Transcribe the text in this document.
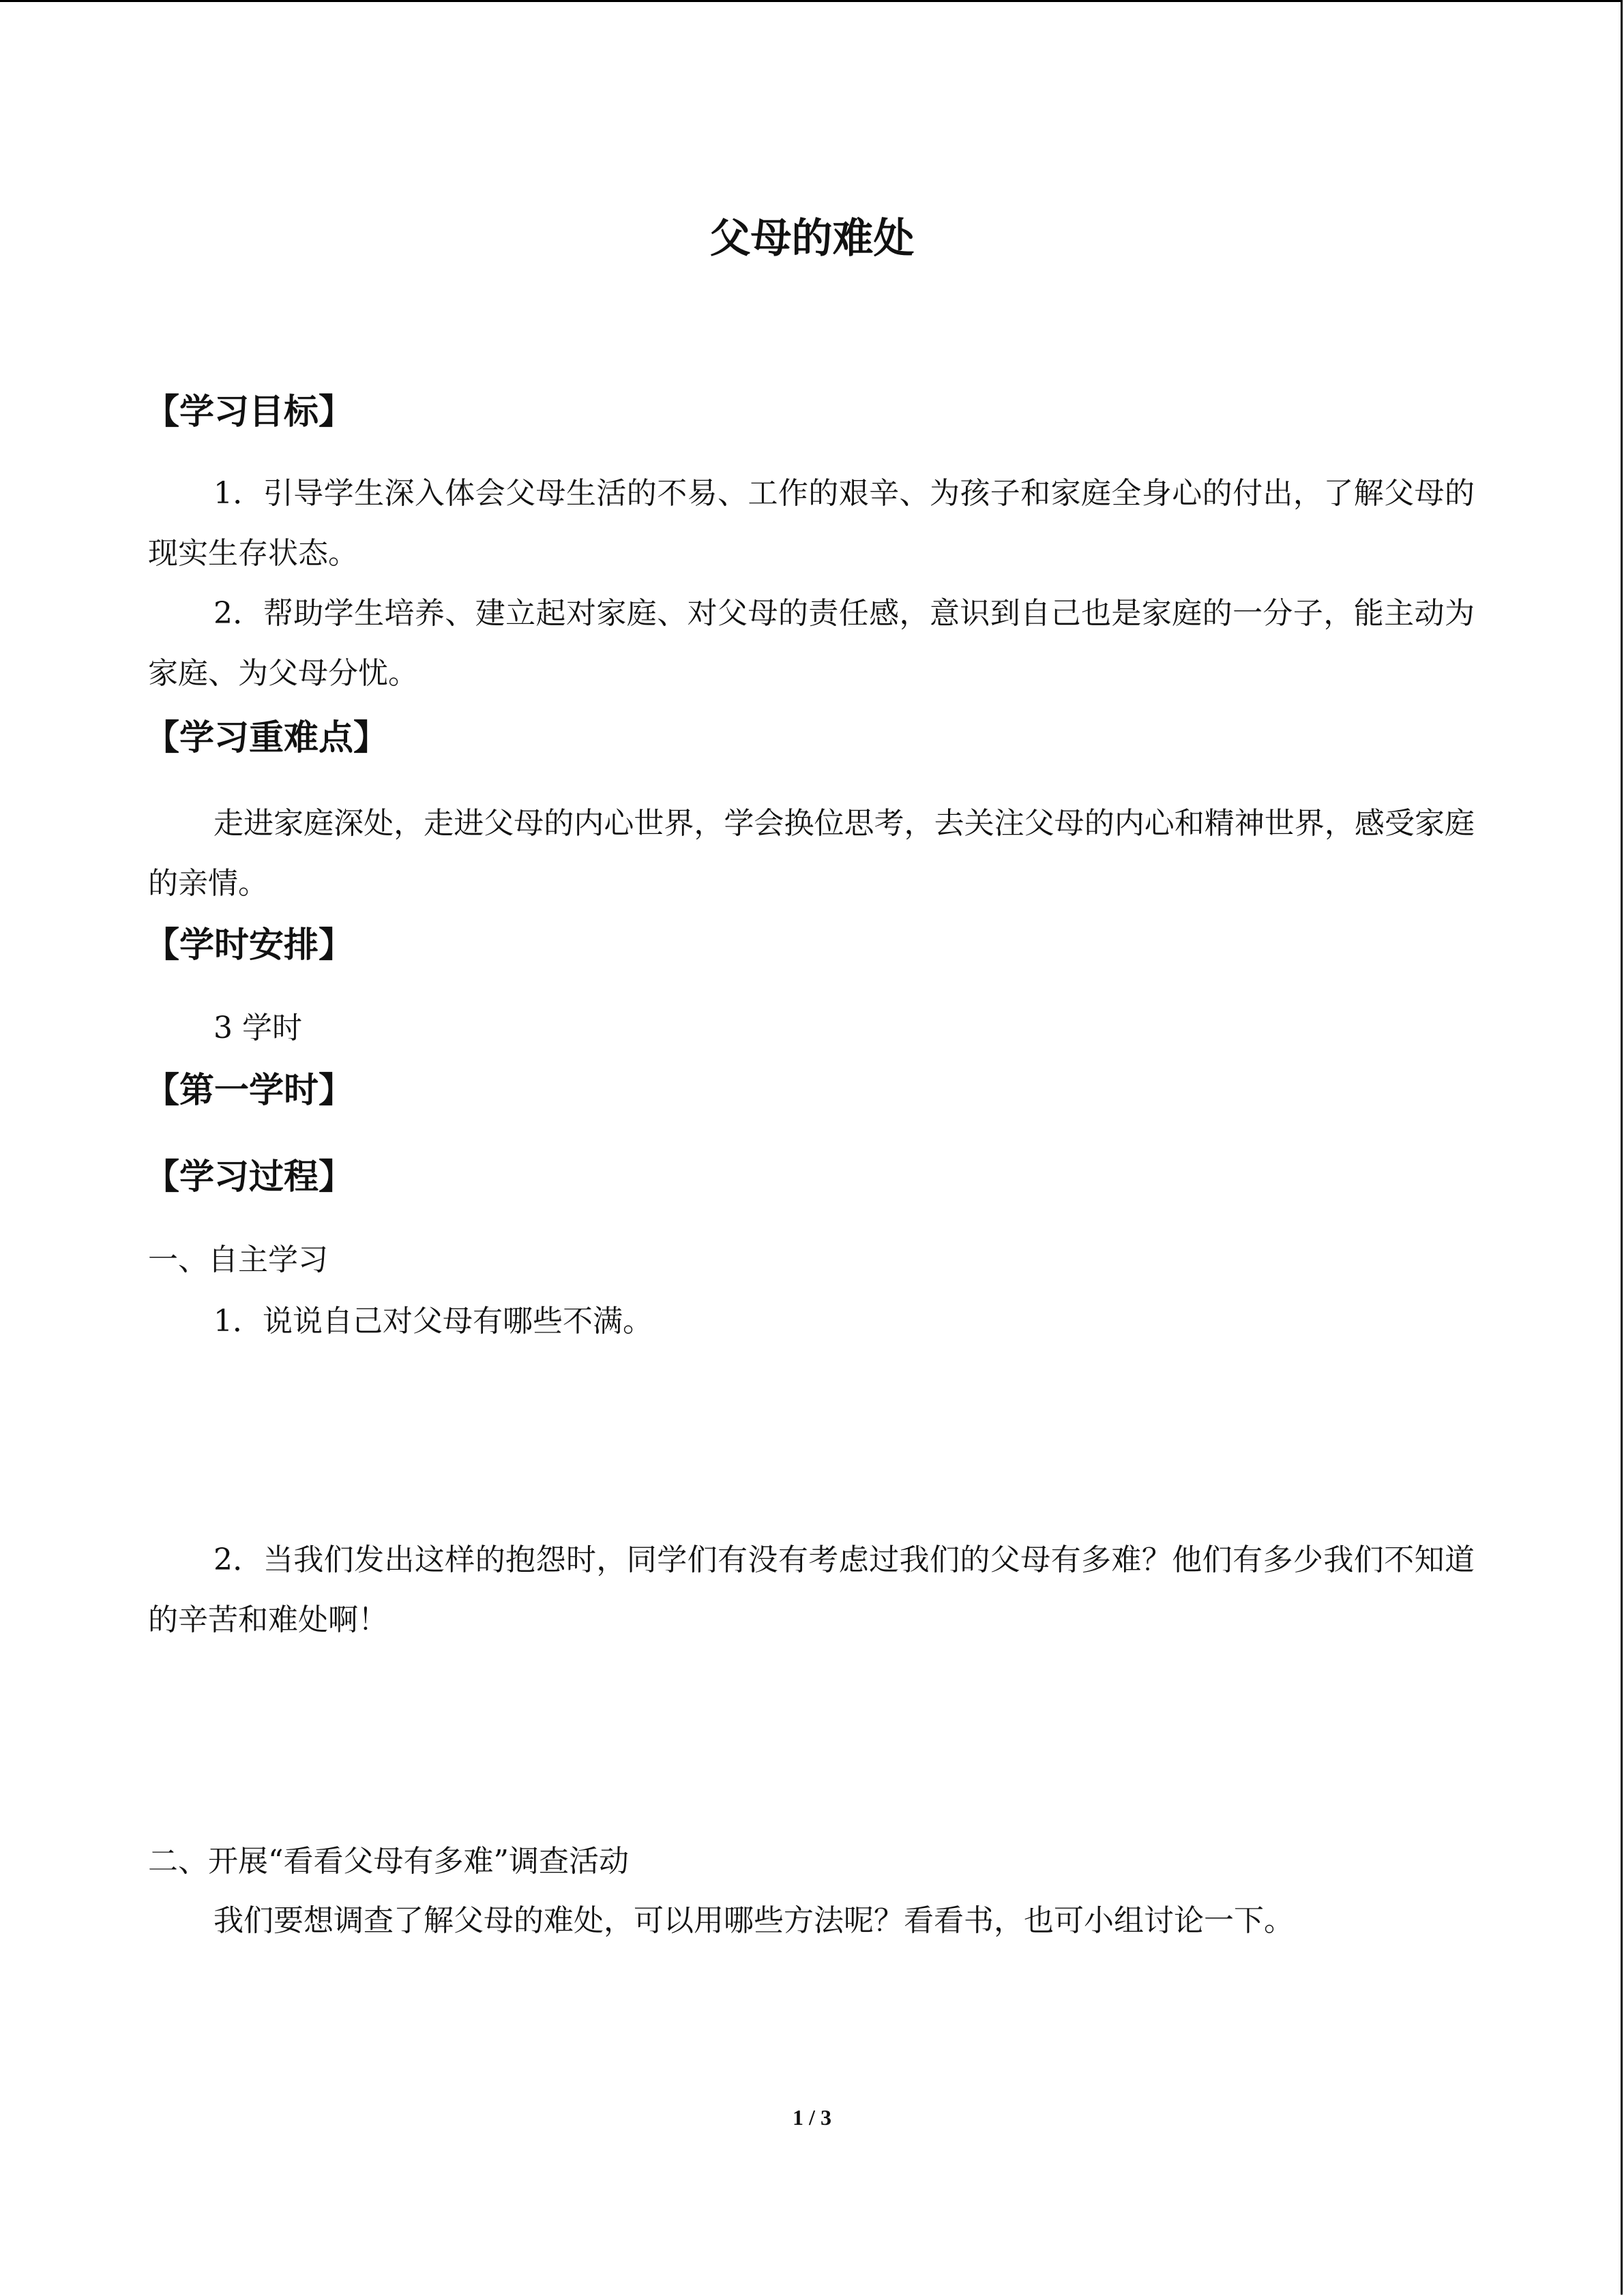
父母的难处
【学习目标】
1．引导学生深入体会父母生活的不易、工作的艰辛、为孩子和家庭全身心的付出，了解父母的现实生存状态。
2．帮助学生培养、建立起对家庭、对父母的责任感，意识到自己也是家庭的一分子，能主动为家庭、为父母分忧。
【学习重难点】
走进家庭深处，走进父母的内心世界，学会换位思考，去关注父母的内心和精神世界，感受家庭的亲情。
【学时安排】
3 学时
【第一学时】
【学习过程】
一、自主学习
1．说说自己对父母有哪些不满。
2．当我们发出这样的抱怨时，同学们有没有考虑过我们的父母有多难？他们有多少我们不知道的辛苦和难处啊！
二、开展“看看父母有多难”调查活动
我们要想调查了解父母的难处，可以用哪些方法呢？看看书，也可小组讨论一下。
1 / 3
